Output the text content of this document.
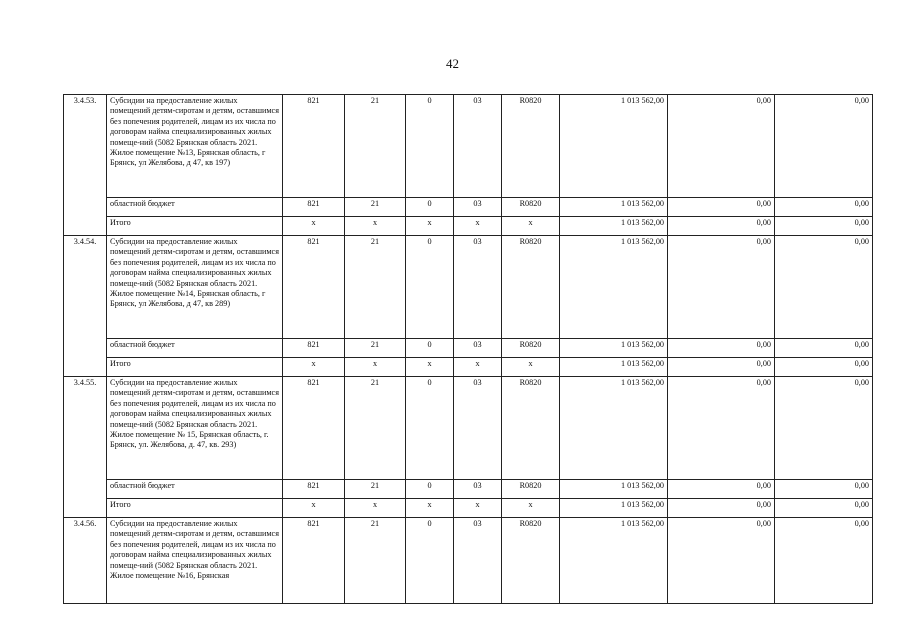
42
3.4.53.	Субсидии на предоставление жилых помещений детям-сиротам и детям, оставшимся без попечения родителей, лицам из их числа по договорам найма специализированных жилых помеще-ний (5082 Брянская область 2021. Жилое помещение №13, Брянская область, г Брянск, ул Желябова, д 47, кв 197)	821	21	0	03	R0820	1 013 562,00	0,00	0,00
	областной бюджет	821	21	0	03	R0820	1 013 562,00	0,00	0,00
	Итого	x	x	x	x	x	1 013 562,00	0,00	0,00
3.4.54.	Субсидии на предоставление жилых помещений детям-сиротам и детям, оставшимся без попечения родителей, лицам из их числа по договорам найма специализированных жилых помеще-ний (5082 Брянская область 2021. Жилое помещение №14, Брянская область, г Брянск, ул Желябова, д 47, кв 289)	821	21	0	03	R0820	1 013 562,00	0,00	0,00
	областной бюджет	821	21	0	03	R0820	1 013 562,00	0,00	0,00
	Итого	x	x	x	x	x	1 013 562,00	0,00	0,00
3.4.55.	Субсидии на предоставление жилых помещений детям-сиротам и детям, оставшимся без попечения родителей, лицам из их числа по договорам найма специализированных жилых помеще-ний (5082 Брянская область 2021. Жилое помещение № 15, Брянская область, г. Брянск, ул. Желябова, д. 47, кв. 293)	821	21	0	03	R0820	1 013 562,00	0,00	0,00
	областной бюджет	821	21	0	03	R0820	1 013 562,00	0,00	0,00
	Итого	x	x	x	x	x	1 013 562,00	0,00	0,00
3.4.56.	Субсидии на предоставление жилых помещений детям-сиротам и детям, оставшимся без попечения родителей, лицам из их числа по договорам найма специализированных жилых помеще-ний (5082 Брянская область 2021. Жилое помещение №16, Брянская	821	21	0	03	R0820	1 013 562,00	0,00	0,00
